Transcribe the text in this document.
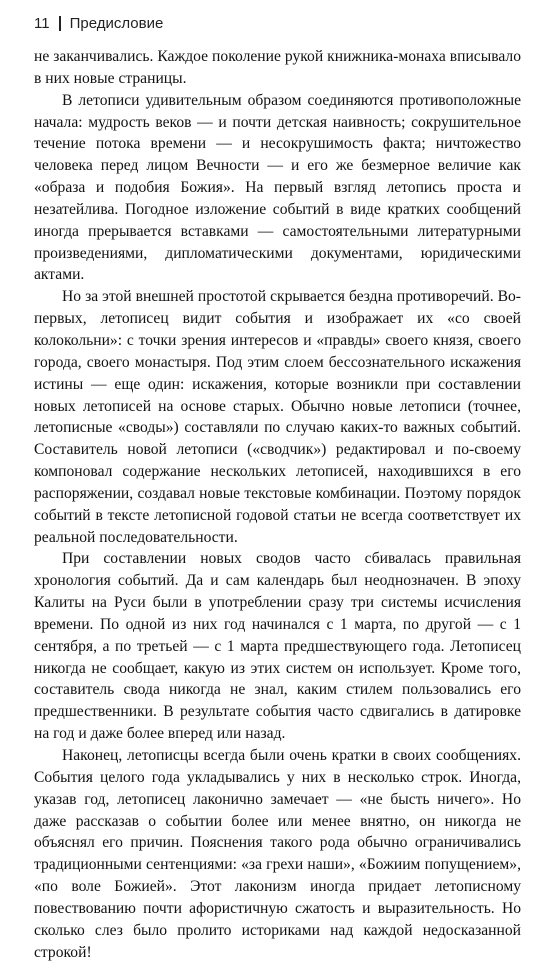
11 Предисловие

не заканчивались. Каждое поколение рукой книжника-монаха вписывало в них новые страницы.

В летописи удивительным образом соединяются противоположные начала: мудрость веков — и почти детская наивность; сокрушительное течение потока времени — и несокрушимость факта; ничтожество человека перед лицом Вечности — и его же безмерное величие как «образа и подобия Божия». На первый взгляд летопись проста и незатейлива. Погодное изложение событий в виде кратких сообщений иногда прерывается вставками — самостоятельными литературными произведениями, дипломатическими документами, юридическими актами.

Но за этой внешней простотой скрывается бездна противоречий. Во-первых, летописец видит события и изображает их «со своей колокольни»: с точки зрения интересов и «правды» своего князя, своего города, своего монастыря. Под этим слоем бессознательного искажения истины — еще один: искажения, которые возникли при составлении новых летописей на основе старых. Обычно новые летописи (точнее, летописные «своды») составляли по случаю каких-то важных событий. Составитель новой летописи («сводчик») редактировал и по-своему компоновал содержание нескольких летописей, находившихся в его распоряжении, создавал новые текстовые комбинации. Поэтому порядок событий в тексте летописной годовой статьи не всегда соответствует их реальной последовательности.

При составлении новых сводов часто сбивалась правильная хронология событий. Да и сам календарь был неоднозначен. В эпоху Калиты на Руси были в употреблении сразу три системы исчисления времени. По одной из них год начинался с 1 марта, по другой — с 1 сентября, а по третьей — с 1 марта предшествующего года. Летописец никогда не сообщает, какую из этих систем он использует. Кроме того, составитель свода никогда не знал, каким стилем пользовались его предшественники. В результате события часто сдвигались в датировке на год и даже более вперед или назад.

Наконец, летописцы всегда были очень кратки в своих сообщениях. События целого года укладывались у них в несколько строк. Иногда, указав год, летописец лаконично замечает — «не бысть ничего». Но даже рассказав о событии более или менее внятно, он никогда не объяснял его причин. Пояснения такого рода обычно ограничивались традиционными сентенциями: «за грехи наши», «Божиим попущением», «по воле Божией». Этот лаконизм иногда придает летописному повествованию почти афористичную сжатость и выразительность. Но сколько слез было пролито историками над каждой недосказанной строкой!
